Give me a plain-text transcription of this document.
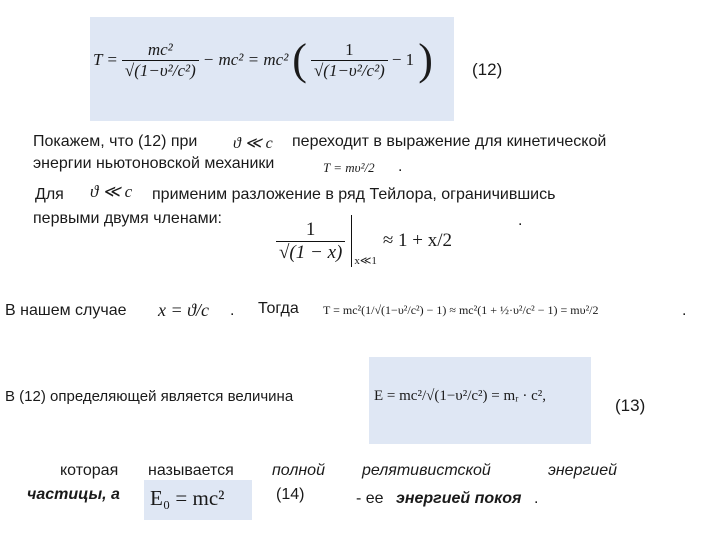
$T = \frac{\text{mc²}}{\text{√(1−υ²/c²)}} - mc^2 = mc^2$ ( $\frac{1}{\text{√(1−υ²/c²)}} - 1$ ) (12)
Покажем, что (12) при ϑ ≪ c переходит в выражение для кинетической
энергии ньютоновской механики	T = mυ²/2 .
Для ϑ ≪ c применим разложение в ряд Тейлора, ограничившись
первыми двумя членами:	$\frac{1}{√(1 - x)}$ x≪1
≈ 1 + x/2
.
В нашем случае x = ϑ/c . Тогда T = mc²(1/√(1−υ²/c²) − 1) ≈ mc²(1 + ½·υ²/c² − 1) = mυ²/2	.
В (12) определяющей является величина	E = mc²/√(1−υ²/c²) = mᵣ · c²,	(13)
которая называется полной релятивистской	энергией
частицы, а E₀ = mc²	(14)	- ее энергией покоя .
